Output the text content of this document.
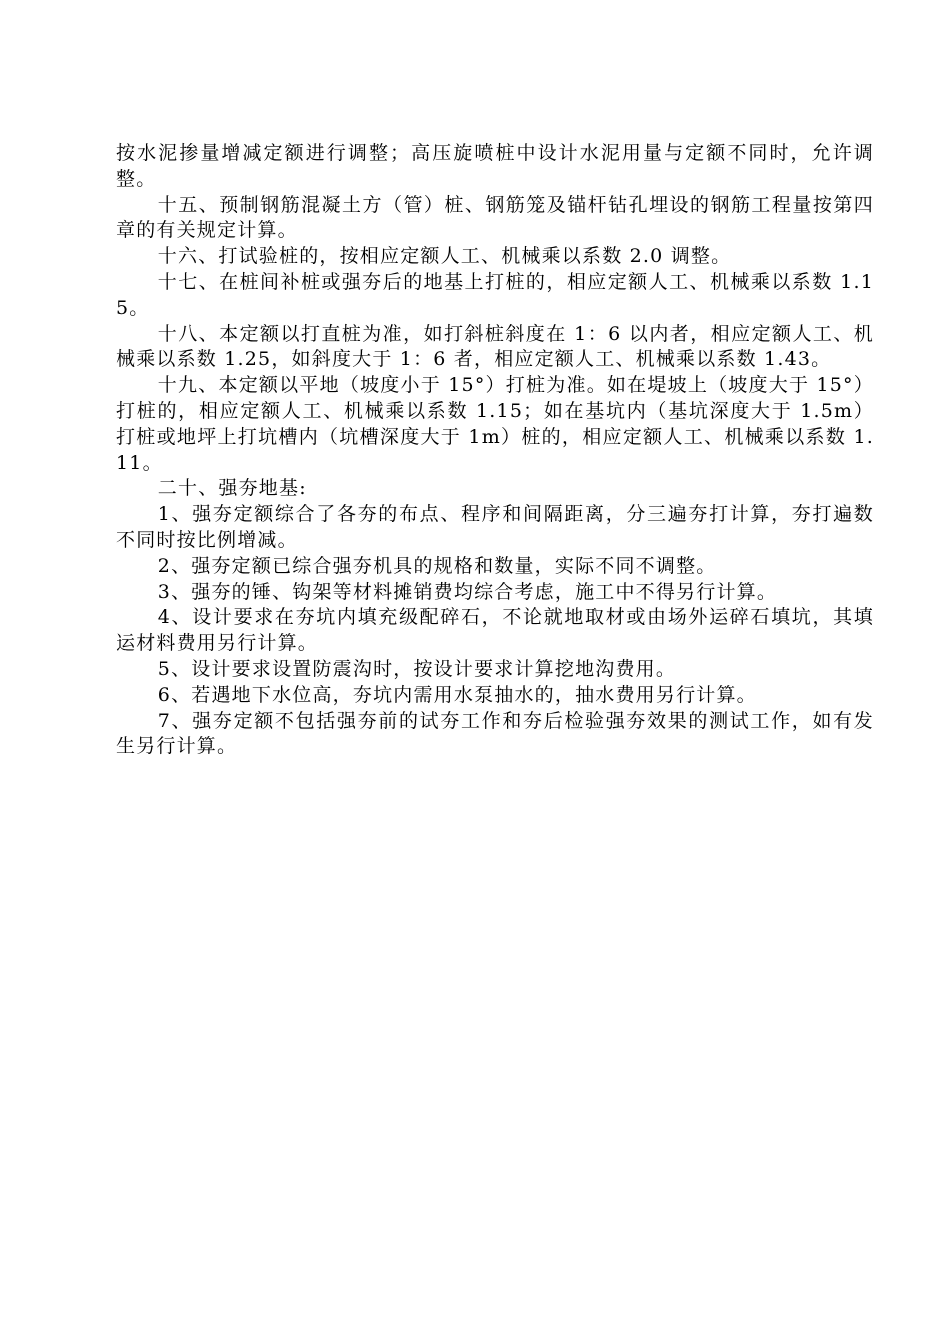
按水泥掺量增减定额进行调整；高压旋喷桩中设计水泥用量与定额不同时，允许调整。

十五、预制钢筋混凝土方（管）桩、钢筋笼及锚杆钻孔埋设的钢筋工程量按第四章的有关规定计算。

十六、打试验桩的，按相应定额人工、机械乘以系数 2.0 调整。

十七、在桩间补桩或强夯后的地基上打桩的，相应定额人工、机械乘以系数 1.15。

十八、本定额以打直桩为准，如打斜桩斜度在 1：6 以内者，相应定额人工、机械乘以系数 1.25，如斜度大于 1：6 者，相应定额人工、机械乘以系数 1.43。

十九、本定额以平地（坡度小于 15°）打桩为准。如在堤坡上（坡度大于 15°）打桩的，相应定额人工、机械乘以系数 1.15；如在基坑内（基坑深度大于 1.5m）打桩或地坪上打坑槽内（坑槽深度大于 1m）桩的，相应定额人工、机械乘以系数 1.11。

二十、强夯地基:

1、强夯定额综合了各夯的布点、程序和间隔距离，分三遍夯打计算，夯打遍数不同时按比例增减。

2、强夯定额已综合强夯机具的规格和数量，实际不同不调整。

3、强夯的锤、钩架等材料摊销费均综合考虑，施工中不得另行计算。

4、设计要求在夯坑内填充级配碎石，不论就地取材或由场外运碎石填坑，其填运材料费用另行计算。

5、设计要求设置防震沟时，按设计要求计算挖地沟费用。

6、若遇地下水位高，夯坑内需用水泵抽水的，抽水费用另行计算。

7、强夯定额不包括强夯前的试夯工作和夯后检验强夯效果的测试工作，如有发生另行计算。
